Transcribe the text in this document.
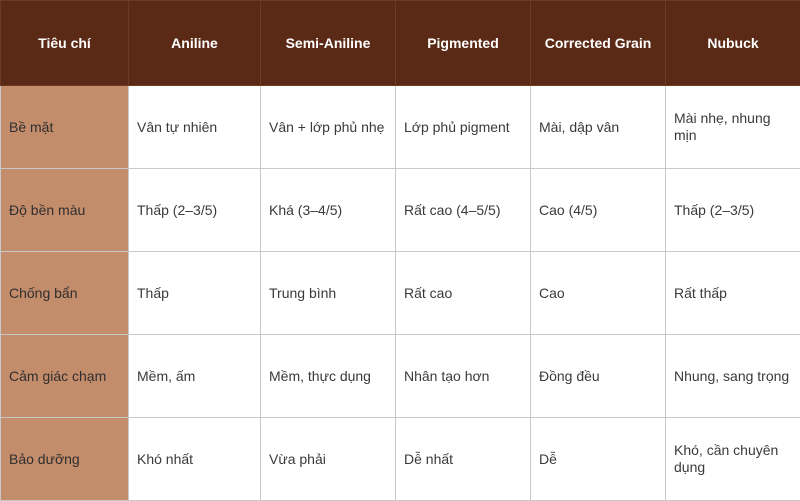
Tiêu chí	Aniline	Semi-Aniline	Pigmented	Corrected Grain	Nubuck
Bề mặt	Vân tự nhiên	Vân + lớp phủ nhẹ	Lớp phủ pigment	Mài, dập vân	Mài nhẹ, nhung mịn
Độ bền màu	Thấp (2–3/5)	Khá (3–4/5)	Rất cao (4–5/5)	Cao (4/5)	Thấp (2–3/5)
Chống bẩn	Thấp	Trung bình	Rất cao	Cao	Rất thấp
Cảm giác chạm	Mềm, ấm	Mềm, thực dụng	Nhân tạo hơn	Đồng đều	Nhung, sang trọng
Bảo dưỡng	Khó nhất	Vừa phải	Dễ nhất	Dễ	Khó, cần chuyên dụng
